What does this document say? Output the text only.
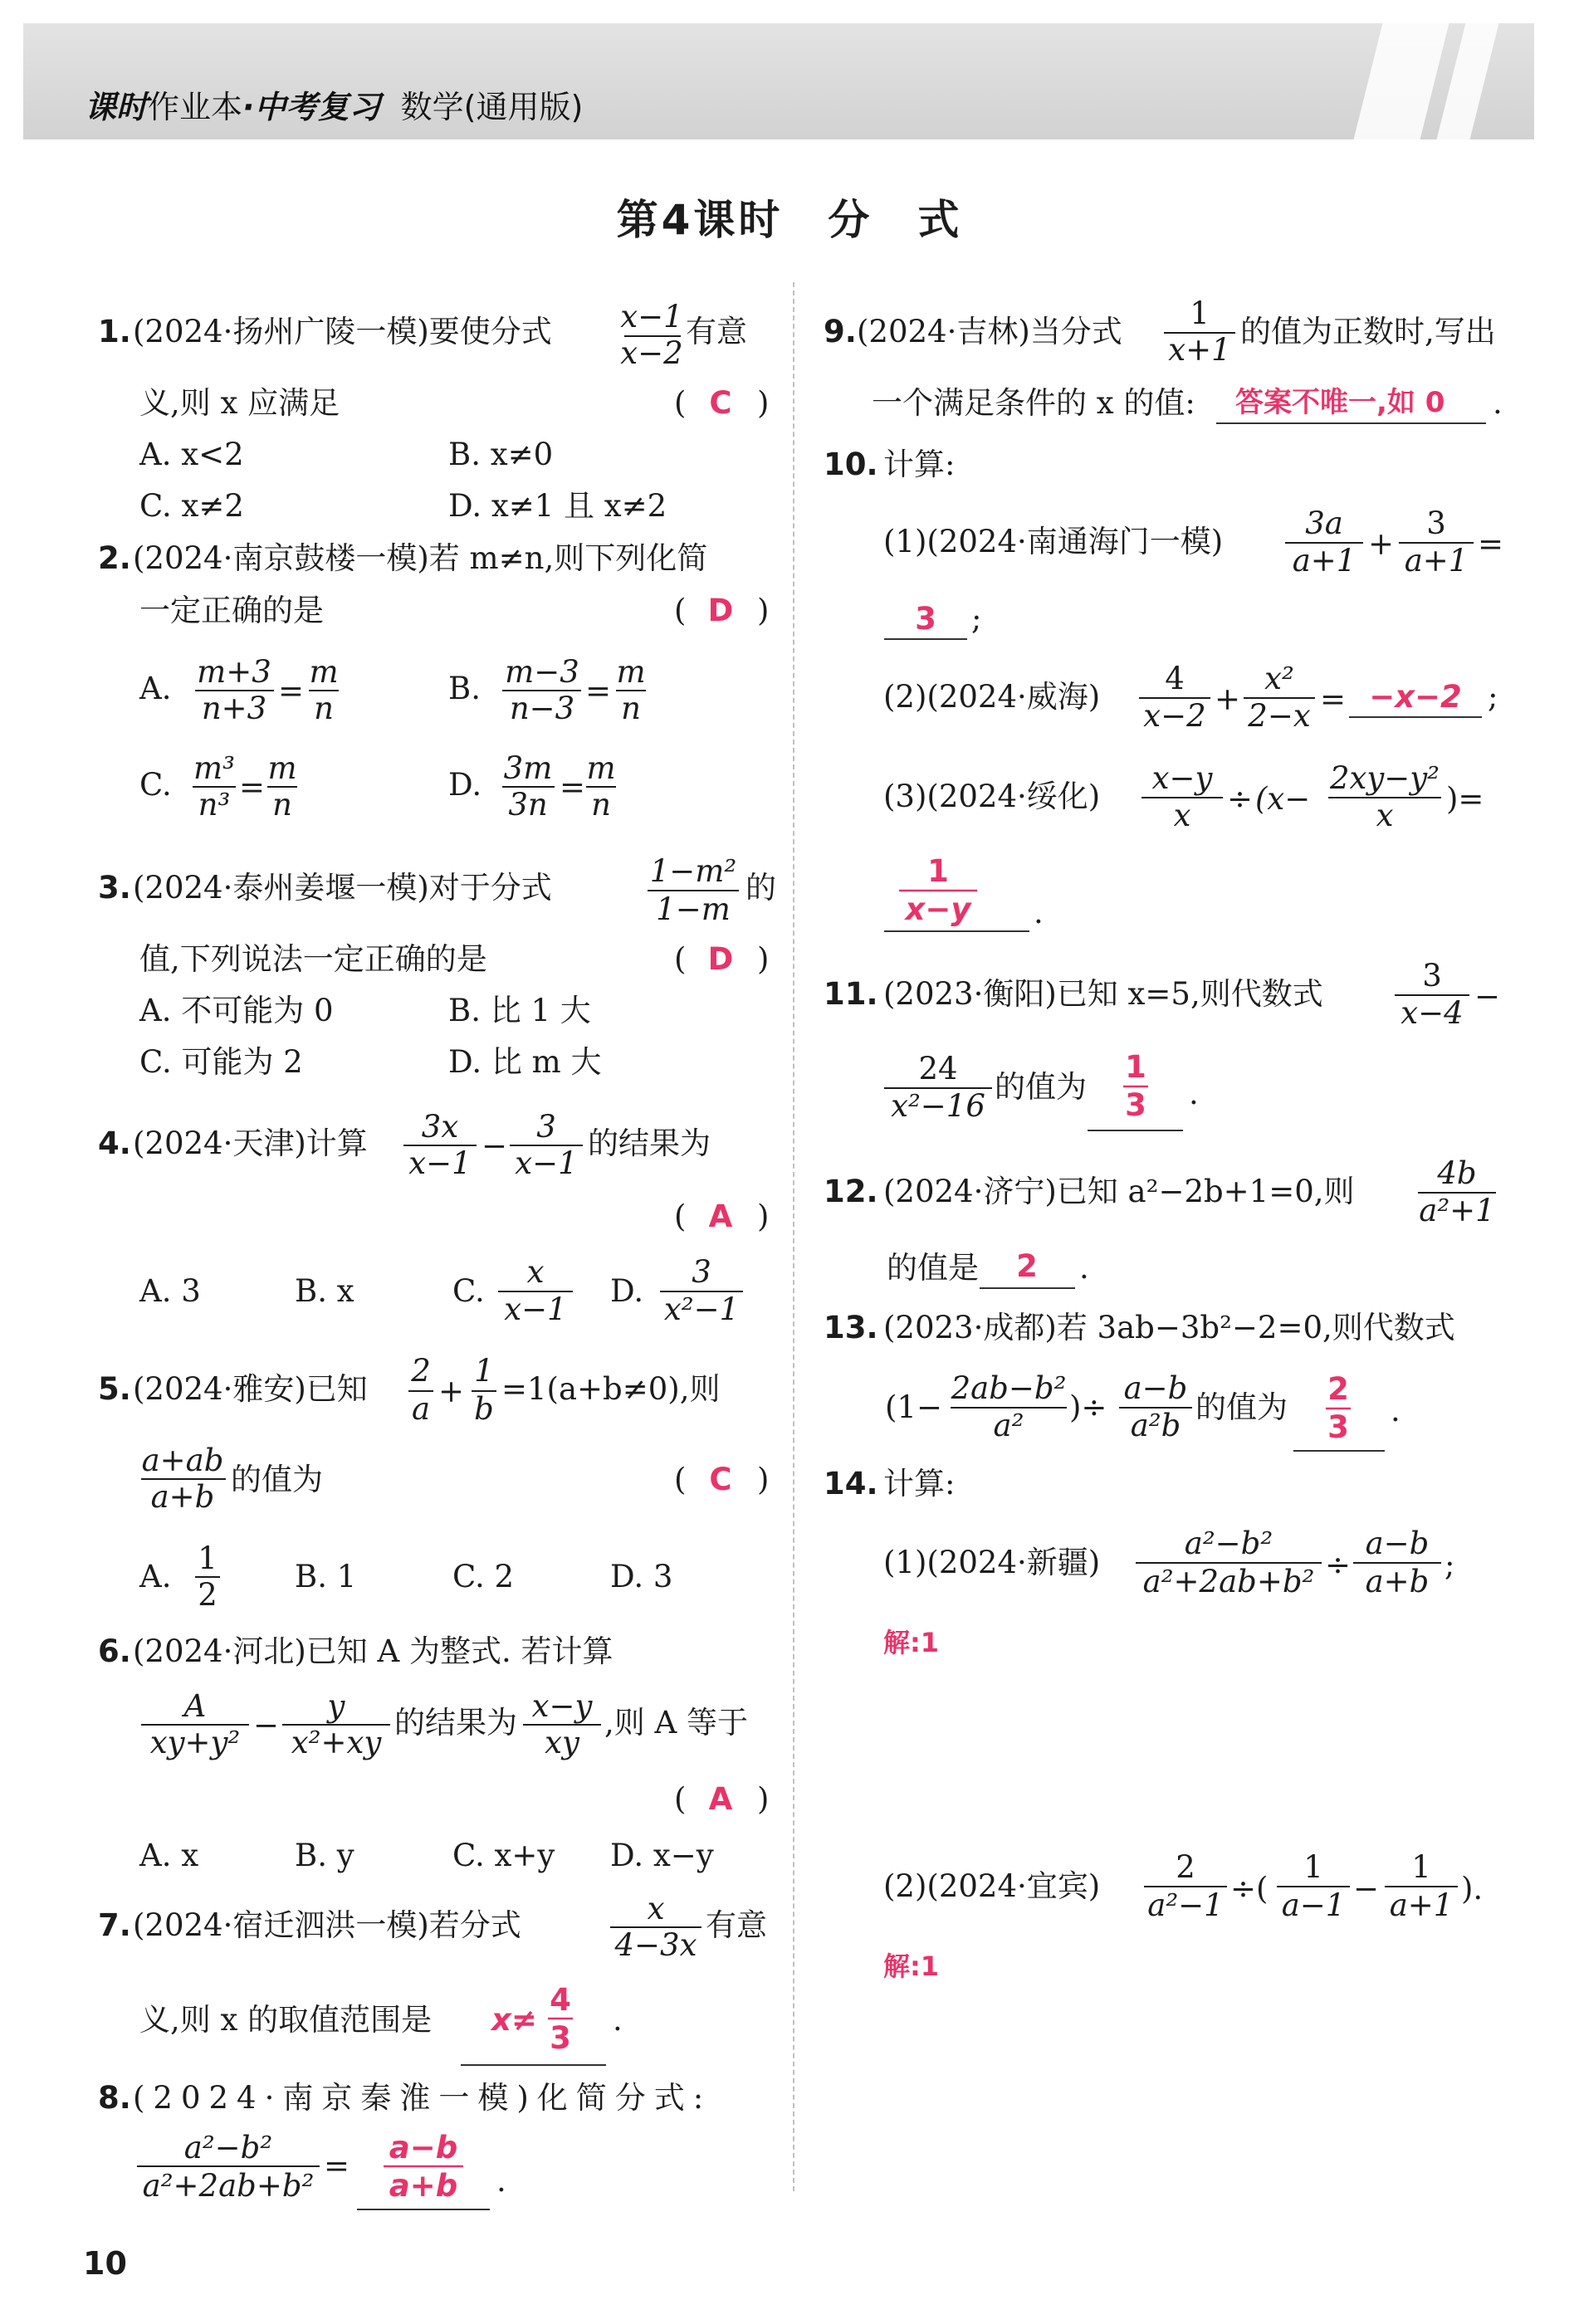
课时作业本·中考复习 数学(通用版)
第4课时　分　式
1. (2024·扬州广陵一模)要使分式 x−1
x−2
有意
义,则 x 应满足	( C )
A. x<2	B. x≠0
C. x≠2	D. x≠1 且 x≠2
2. (2024·南京鼓楼一模)若 m≠n,则下列化简
一定正确的是	( D )
A. m+3
n+3 =
m
n
B. m−3
n−3 =
m
n
C. m³
n³ =
m
n
D. 3m
3n =
m
n
3. (2024·泰州姜堰一模)对于分式	1−m²
1−m
的
值,下列说法一定正确的是	( D )
A. 不可能为 0	B. 比 1 大
C. 可能为 2	D. 比 m 大
4. (2024·天津)计算 3x
x−1 −
3
x−1
的结果为
( A )
A. 3	B. x	C.
x
x−1
D.
3
x²−1
5. (2024·雅安)已知
2
a +
1
b
=1(a+b≠0),则
a+ab
a+b 的值为	( C )
A.
1
2
B. 1	C. 2	D. 3
6. (2024·河北)已知 A 为整式. 若计算
A
xy+y² −
y
x²+xy
的结果为 x−y
xy
,则 A 等于
( A )
A. x	B. y	C. x+y D. x−y
7. (2024·宿迁泗洪一模)若分式	x
4−3x
有意
义,则 x 的取值范围是 x≠
4
3
.
8. (2024·南京秦淮一模)化简分式:
a²−b²
a²+2ab+b²
=
a−b
a+b .
9. (2024·吉林)当分式
1
x+1
的值为正数时,写出
一个满足条件的 x 的值: 答案不唯一,如 0 .
10. 计算:
(1)(2024·南通海门一模)
3a
a+1 +
3
a+1 =
3 ;
(2)(2024·威海)
4
x−2 +
x²
2−x = −x−2 ;
(3)(2024·绥化)
x−y
x ÷ (x−
2xy−y²
x )=
1
x−y .
11. (2023·衡阳)已知 x=5,则代数式
3
x−4 −
24
x²−16
的值为
1
3 .
12. (2024·济宁)已知 a²−2b+1=0,则
4b
a²+1
的值是 2 .
13. (2023·成都)若 3ab−3b²−2=0,则代数式
(1−
2ab−b²
a²
)÷
a−b
a²b
的值为
2
3 .
14. 计算:
(1)(2024·新疆)
a²−b²
a²+2ab+b² ÷
a−b
a+b ;
解:1
(2)(2024·宜宾)
2
a²−1 ÷(
1
a−1 −
1
a+1 ).
解:1
10
